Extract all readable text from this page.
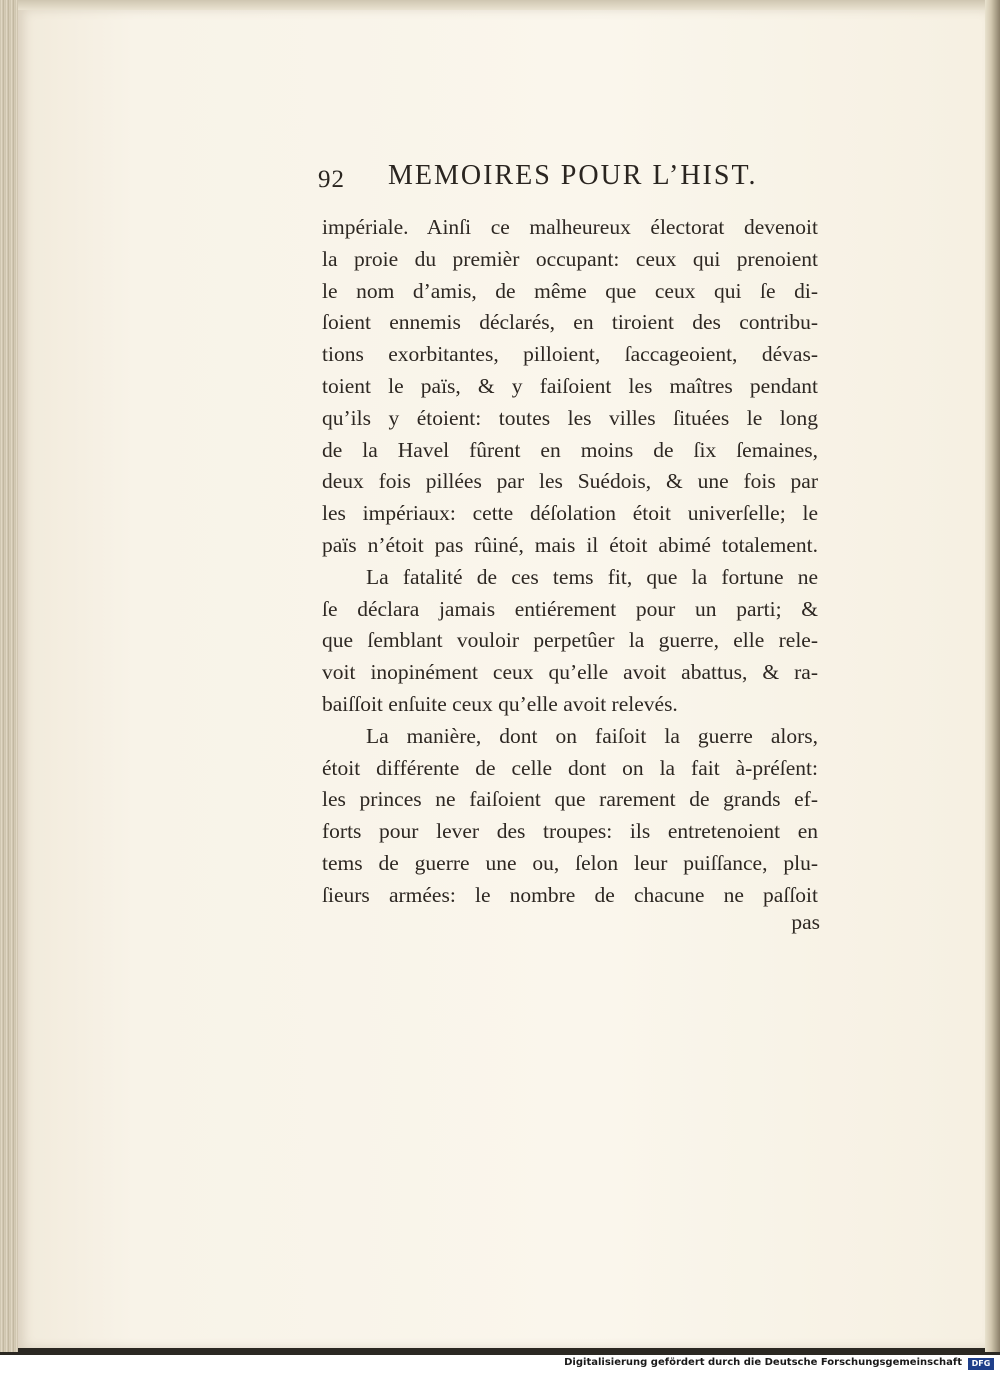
92 MEMOIRES POUR L’HIST.
impériale. Ainſi ce malheureux électorat devenoit
la proie du premièr occupant: ceux qui prenoient
le nom d’amis, de même que ceux qui ſe di-
ſoient ennemis déclarés, en tiroient des contribu-
tions exorbitantes, pilloient, ſaccageoient, dévas-
toient le païs, & y faiſoient les maîtres pendant
qu’ils y étoient: toutes les villes ſituées le long
de la Havel fûrent en moins de ſix ſemaines,
deux fois pillées par les Suédois, & une fois par
les impériaux: cette déſolation étoit univerſelle; le
païs n’étoit pas rûiné, mais il étoit abimé totalement.
La fatalité de ces tems fit, que la fortune ne
ſe déclara jamais entiérement pour un parti; &
que ſemblant vouloir perpetûer la guerre, elle rele-
voit inopinément ceux qu’elle avoit abattus, & ra-
baiſſoit enſuite ceux qu’elle avoit relevés.
La manière, dont on faiſoit la guerre alors,
étoit différente de celle dont on la fait à-préſent:
les princes ne faiſoient que rarement de grands ef-
forts pour lever des troupes: ils entretenoient en
tems de guerre une ou, ſelon leur puiſſance, plu-
ſieurs armées: le nombre de chacune ne paſſoit
pas
Digitalisierung gefördert durch die Deutsche Forschungsgemeinschaft	DFG
